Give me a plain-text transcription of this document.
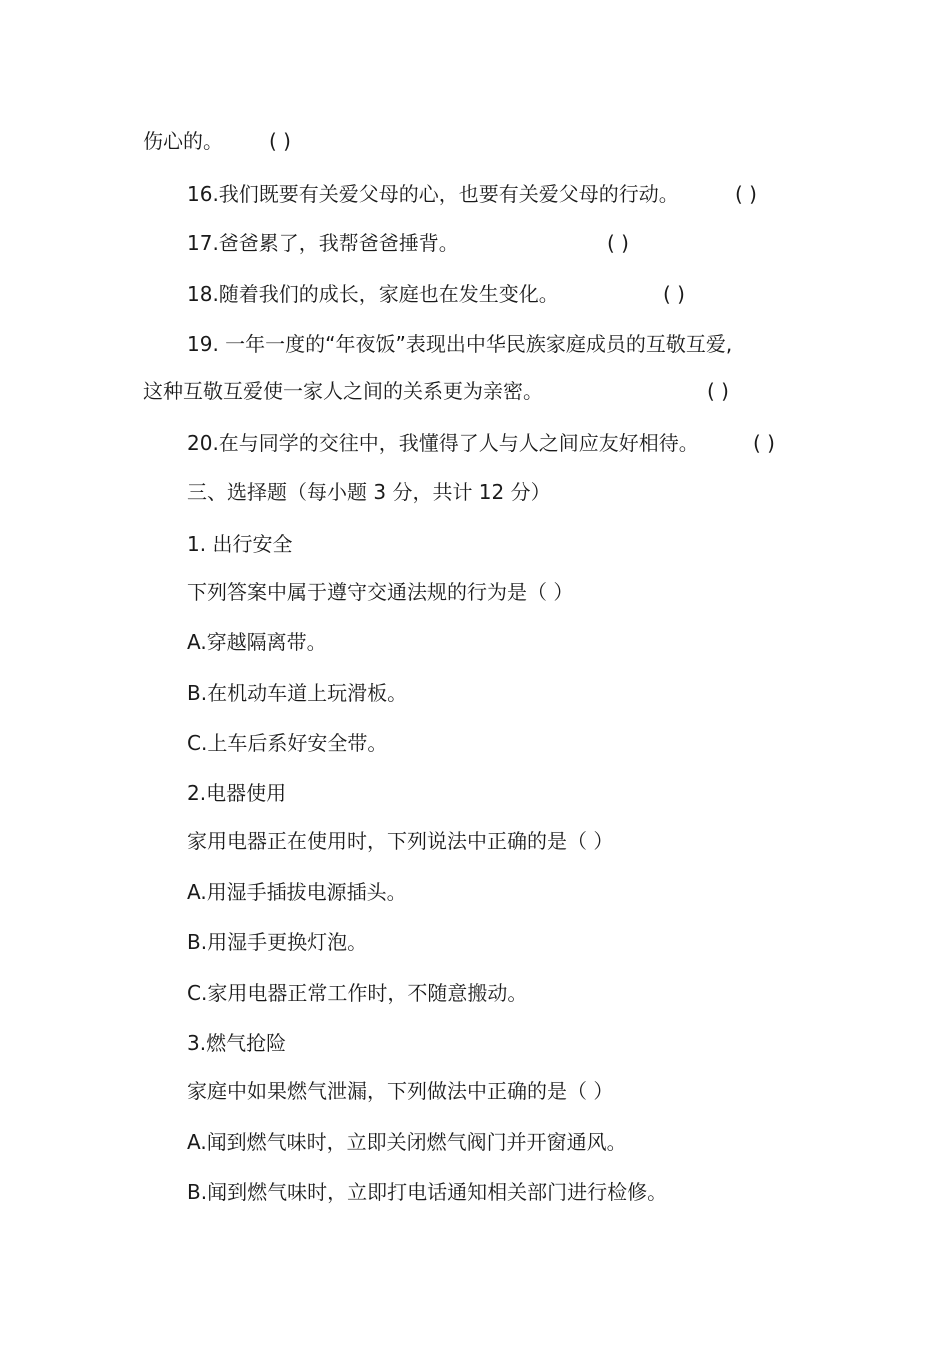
伤心的。 ( )
16.我们既要有关爱父母的心，也要有关爱父母的行动。	( )
17.爸爸累了，我帮爸爸捶背。	( )
18.随着我们的成长，家庭也在发生变化。	( )
19. 一年一度的“年夜饭”表现出中华民族家庭成员的互敬互爱,
这种互敬互爱使一家人之间的关系更为亲密。	( )
20.在与同学的交往中，我懂得了人与人之间应友好相待。	( )
三、选择题（每小题 3 分，共计 12 分）
1. 出行安全
下列答案中属于遵守交通法规的行为是（ ）
A.穿越隔离带。
B.在机动车道上玩滑板。
C.上车后系好安全带。
2.电器使用
家用电器正在使用时，下列说法中正确的是（ ）
A.用湿手插拔电源插头。
B.用湿手更换灯泡。
C.家用电器正常工作时，不随意搬动。
3.燃气抢险
家庭中如果燃气泄漏，下列做法中正确的是（ ）
A.闻到燃气味时，立即关闭燃气阀门并开窗通风。
B.闻到燃气味时，立即打电话通知相关部门进行检修。
